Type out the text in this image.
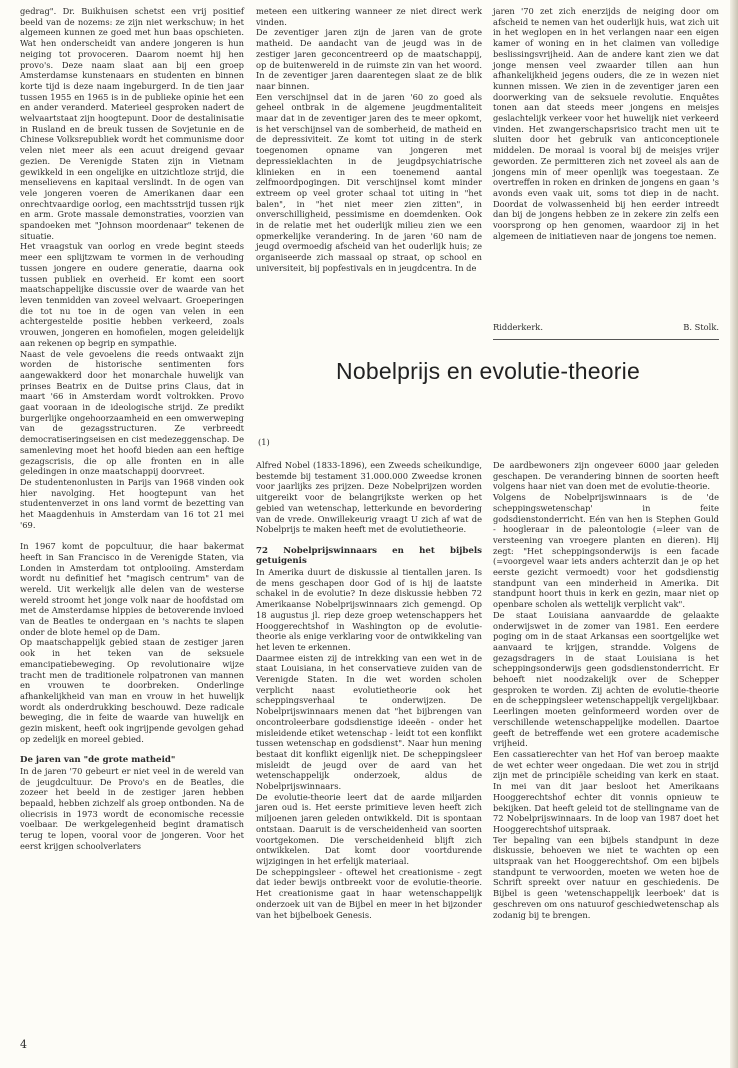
gedrag". Dr. Buikhuisen schetst een vrij positief beeld van de nozems: ze zijn niet werkschuw; in het algemeen kunnen ze goed met hun baas opschieten. Wat hen onderscheidt van andere jongeren is hun neiging tot provoceren. Daarom noemt hij hen provo's. Deze naam slaat aan bij een groep Amsterdamse kunstenaars en studenten en binnen korte tijd is deze naam ingeburgerd. In de tien jaar tussen 1955 en 1965 is in de publieke opinie het een en ander veranderd. Materieel gesproken nadert de welvaartstaat zijn hoogtepunt. Door de destalinisatie in Rusland en de breuk tussen de Sovjetunie en de Chinese Volksrepubliek wordt het communisme door velen niet meer als een acuut dreigend gevaar gezien. De Verenigde Staten zijn in Vietnam gewikkeld in een ongelijke en uitzichtloze strijd, die menselievens en kapitaal verslindt. In de ogen van vele jongeren voeren de Amerikanen daar een onrechtvaardige oorlog, een machtsstrijd tussen rijk en arm. Grote massale demonstraties, voorzien van spandoeken met "Johnson moordenaar" tekenen de situatie.

Het vraagstuk van oorlog en vrede begint steeds meer een splijtzwam te vormen in de verhouding tussen jongere en oudere generatie, daarna ook tussen publiek en overheid. Er komt een soort maatschappelijke discussie over de waarde van het leven tenmidden van zoveel welvaart. Groeperingen die tot nu toe in de ogen van velen in een achtergestelde positie hebben verkeerd, zoals vrouwen, jongeren en homofielen, mogen geleidelijk aan rekenen op begrip en sympathie.

Naast de vele gevoelens die reeds ontwaakt zijn worden de historische sentimenten fors aangewakkerd door het monarchale huwelijk van prinses Beatrix en de Duitse prins Claus, dat in maart '66 in Amsterdam wordt voltrokken. Provo gaat vooraan in de ideologische strijd. Ze predikt burgerlijke ongehoorzaamheid en een omwerweping van de gezagsstructuren. Ze verbreedt democratiseringseisen en cist medezeggenschap. De samenleving moet het hoofd bieden aan een heftige gezagscrisis, die op alle fronten en in alle geledingen in onze maatschappij doorvreet.

De studentenonlusten in Parijs van 1968 vinden ook hier navolging. Het hoogtepunt van het studentenverzet in ons land vormt de bezetting van het Maagdenhuis in Amsterdam van 16 tot 21 mei '69.

In 1967 komt de popcultuur, die haar bakermat heeft in San Francisco in de Verenigde Staten, via Londen in Amsterdam tot ontplooiing. Amsterdam wordt nu definitief het "magisch centrum" van de wereld. Uit werkelijk alle delen van de westerse wereld stroomt het jonge volk naar de hoofdstad om met de Amsterdamse hippies de betoverende invloed van de Beatles te ondergaan en 's nachts te slapen onder de blote hemel op de Dam.

Op maatschappelijk gebied staan de zestiger jaren ook in het teken van de seksuele emancipatiebeweging. Op revolutionaire wijze tracht men de traditionele rolpatronen van mannen en vrouwen te doorbreken. Onderlinge afhankelijkheid van man en vrouw in het huwelijk wordt als onderdrukking beschouwd. Deze radicale beweging, die in feite de waarde van huwelijk en gezin miskent, heeft ook ingrijpende gevolgen gehad op zedelijk en moreel gebied.

De jaren van "de grote matheid"

In de jaren '70 gebeurt er niet veel in de wereld van de jeugdcultuur. De Provo's en de Beatles, die zozeer het beeld in de zestiger jaren hebben bepaald, hebben zichzelf als groep ontbonden. Na de oliecrisis in 1973 wordt de economische recessie voelbaar. De werkgelegenheid begint dramatisch terug te lopen, vooral voor de jongeren. Voor het eerst krijgen schoolverlaters

meteen een uitkering wanneer ze niet direct werk vinden.

De zeventiger jaren zijn de jaren van de grote matheid. De aandacht van de jeugd was in de zestiger jaren geconcentreerd op de maatschappij, op de buitenwereld in de ruimste zin van het woord. In de zeventiger jaren daarentegen slaat ze de blik naar binnen.

Een verschijnsel dat in de jaren '60 zo goed als geheel ontbrak in de algemene jeugdmentaliteit maar dat in de zeventiger jaren des te meer opkomt, is het verschijnsel van de somberheid, de matheid en de depressiviteit. Ze komt tot uiting in de sterk toegenomen opname van jongeren met depressieklachten in de jeugdpsychiatrische klinieken en in een toenemend aantal zelfmoordpogingen. Dit verschijnsel komt minder extreem op veel groter schaal tot uiting in "het balen", in "het niet meer zien zitten", in onverschilligheid, pessimisme en doemdenken. Ook in de relatie met het ouderlijk milieu zien we een opmerkelijke verandering. In de jaren '60 nam de jeugd overmoedig afscheid van het ouderlijk huis; ze organiseerde zich massaal op straat, op school en universiteit, bij popfestivals en in jeugdcentra. In de

jaren '70 zet zich enerzijds de neiging door om afscheid te nemen van het ouderlijk huis, wat zich uit in het weglopen en in het verlangen naar een eigen kamer of woning en in het claimen van volledige beslissingsvrijheid. Aan de andere kant zien we dat jonge mensen veel zwaarder tillen aan hun afhankelijkheid jegens ouders, die ze in wezen niet kunnen missen. We zien in de zeventiger jaren een doorwerking van de seksuele revolutie. Enquêtes tonen aan dat steeds meer jongens en meisjes geslachtelijk verkeer voor het huwelijk niet verkeerd vinden. Het zwangerschapsrisico tracht men uit te sluiten door het gebruik van anticonceptionele middelen. De moraal is vooral bij de meisjes vrijer geworden. Ze permitteren zich net zoveel als aan de jongens min of meer openlijk was toegestaan. Ze overtreffen in roken en drinken de jongens en gaan 's avonds even vaak uit, soms tot diep in de nacht. Doordat de volwassenheid bij hen eerder intreedt dan bij de jongens hebben ze in zekere zin zelfs een voorsprong op hen genomen, waardoor zij in het algemeen de initiatieven naar de jongens toe nemen.

Ridderkerk.	B. Stolk.
Nobelprijs en evolutie-theorie
(1)

Alfred Nobel (1833-1896), een Zweeds scheikundige, bestemde bij testament 31.000.000 Zweedse kronen voor jaarlijks zes prijzen. Deze Nobelprijzen worden uitgereikt voor de belangrijkste werken op het gebied van wetenschap, letterkunde en bevordering van de vrede. Onwillekeurig vraagt U zich af wat de Nobelprijs te maken heeft met de evolutietheorie.

72 Nobelprijswinnaars en het bijbels getuigenis

In Amerika duurt de diskussie al tientallen jaren. Is de mens geschapen door God of is hij de laatste schakel in de evolutie? In deze diskussie hebben 72 Amerikaanse Nobelprijswinnaars zich gemengd. Op 18 augustus jl. riep deze groep wetenschappers het Hooggerechtshof in Washington op de evolutie-theorie als enige verklaring voor de ontwikkeling van het leven te erkennen.

Daarmee eisten zij de intrekking van een wet in de staat Louisiana, in het conservatieve zuiden van de Verenigde Staten. In die wet worden scholen verplicht naast evolutietheorie ook het scheppingsverhaal te onderwijzen. De Nobelprijswinnaars menen dat "het bijbrengen van oncontroleerbare godsdienstige ideeën - onder het misleidende etiket wetenschap - leidt tot een konflikt tussen wetenschap en godsdienst". Naar hun mening bestaat dit konflikt eigenlijk niet. De scheppingsleer misleidt de jeugd over de aard van het wetenschappelijk onderzoek, aldus de Nobelprijswinnaars.

De evolutie-theorie leert dat de aarde miljarden jaren oud is. Het eerste primitieve leven heeft zich miljoenen jaren geleden ontwikkeld. Dit is spontaan ontstaan. Daaruit is de verscheidenheid van soorten voortgekomen. Die verscheidenheid blijft zich ontwikkelen. Dat komt door voortdurende wijzigingen in het erfelijk materiaal.

De scheppingsleer - oftewel het creationisme - zegt dat ieder bewijs ontbreekt voor de evolutie-theorie. Het creationisme gaat in haar wetenschappelijk onderzoek uit van de Bijbel en meer in het bijzonder van het bijbelboek Genesis.

De aardbewoners zijn ongeveer 6000 jaar geleden geschapen. De verandering binnen de soorten heeft volgens haar niet van doen met de evolutie-theorie.

Volgens de Nobelprijswinnaars is de 'de scheppingswetenschap' in feite godsdienstonderricht. Eén van hen is Stephen Gould - hoogleraar in de paleontologie (=leer van de versteening van vroegere planten en dieren). Hij zegt: "Het scheppingsonderwijs is een facade (=voorgevel waar iets anders achterzit dan je op het eerste gezicht vermoedt) voor het godsdienstig standpunt van een minderheid in Amerika. Dit standpunt hoort thuis in kerk en gezin, maar niet op openbare scholen als wettelijk verplicht vak".

De staat Louisiana aanvaardde de gelaakte onderwijswet in de zomer van 1981. Een eerdere poging om in de staat Arkansas een soortgelijke wet aanvaard te krijgen, strandde. Volgens de gezagsdragers in de staat Louisiana is het scheppingsonderwijs geen godsdienstonderricht. Er behoeft niet noodzakelijk over de Schepper gesproken te worden. Zij achten de evolutie-theorie en de scheppingsleer wetenschappelijk vergelijkbaar. Leerlingen moeten geïnformeerd worden over de verschillende wetenschappelijke modellen. Daartoe geeft de betreffende wet een grotere academische vrijheid.

Een cassatierechter van het Hof van beroep maakte de wet echter weer ongedaan. Die wet zou in strijd zijn met de principiële scheiding van kerk en staat. In mei van dit jaar besloot het Amerikaans Hooggerechtshof echter dit vonnis opnieuw te bekijken. Dat heeft geleid tot de stellingname van de 72 Nobelprijswinnaars. In de loop van 1987 doet het Hooggerechtshof uitspraak.

Ter bepaling van een bijbels standpunt in deze diskussie, behoeven we niet te wachten op een uitspraak van het Hooggerechtshof. Om een bijbels standpunt te verwoorden, moeten we weten hoe de Schrift spreekt over natuur en geschiedenis. De Bijbel is geen 'wetenschappelijk leerboek' dat is geschreven om ons natuurof geschiedwetenschap als zodanig bij te brengen.

4
